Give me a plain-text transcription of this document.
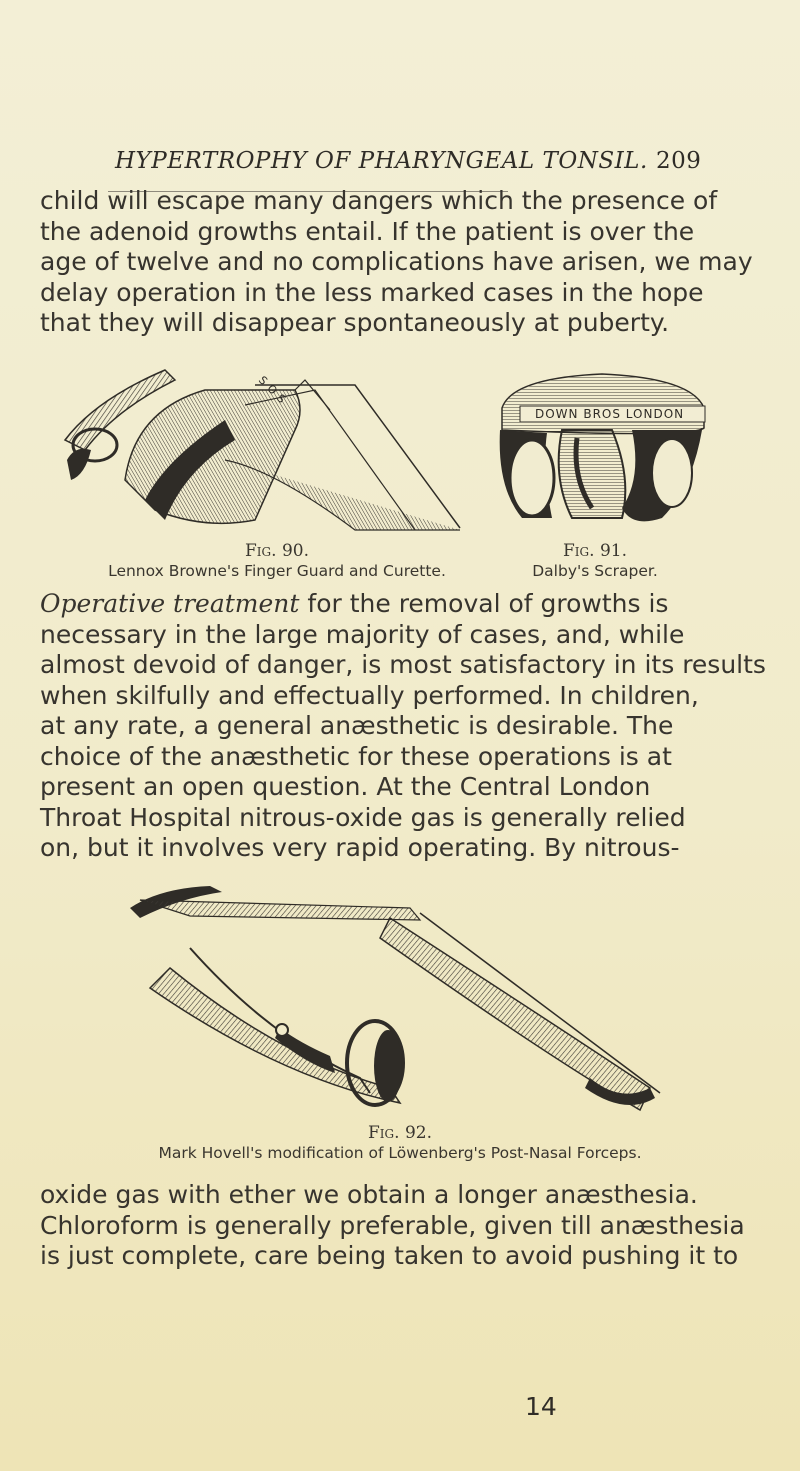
HYPERTROPHY OF PHARYNGEAL TONSIL. 209

child will escape many dangers which the presence of
the adenoid growths entail. If the patient is over the
age of twelve and no complications have arisen, we may
delay operation in the less marked cases in the hope
that they will disappear spontaneously at puberty.

SOS
DOWN BROS LONDON
Fig. 90.
Lennox Browne's Finger Guard and Curette.
Fig. 91.
Dalby's Scraper.

Operative treatment for the removal of growths is
necessary in the large majority of cases, and, while
almost devoid of danger, is most satisfactory in its results
when skilfully and effectually performed. In children,
at any rate, a general anæsthetic is desirable. The
choice of the anæsthetic for these operations is at
present an open question. At the Central London
Throat Hospital nitrous-oxide gas is generally relied
on, but it involves very rapid operating. By nitrous-

Fig. 92.
Mark Hovell's modification of Löwenberg's Post-Nasal Forceps.

oxide gas with ether we obtain a longer anæsthesia.
Chloroform is generally preferable, given till anæsthesia
is just complete, care being taken to avoid pushing it to

14
